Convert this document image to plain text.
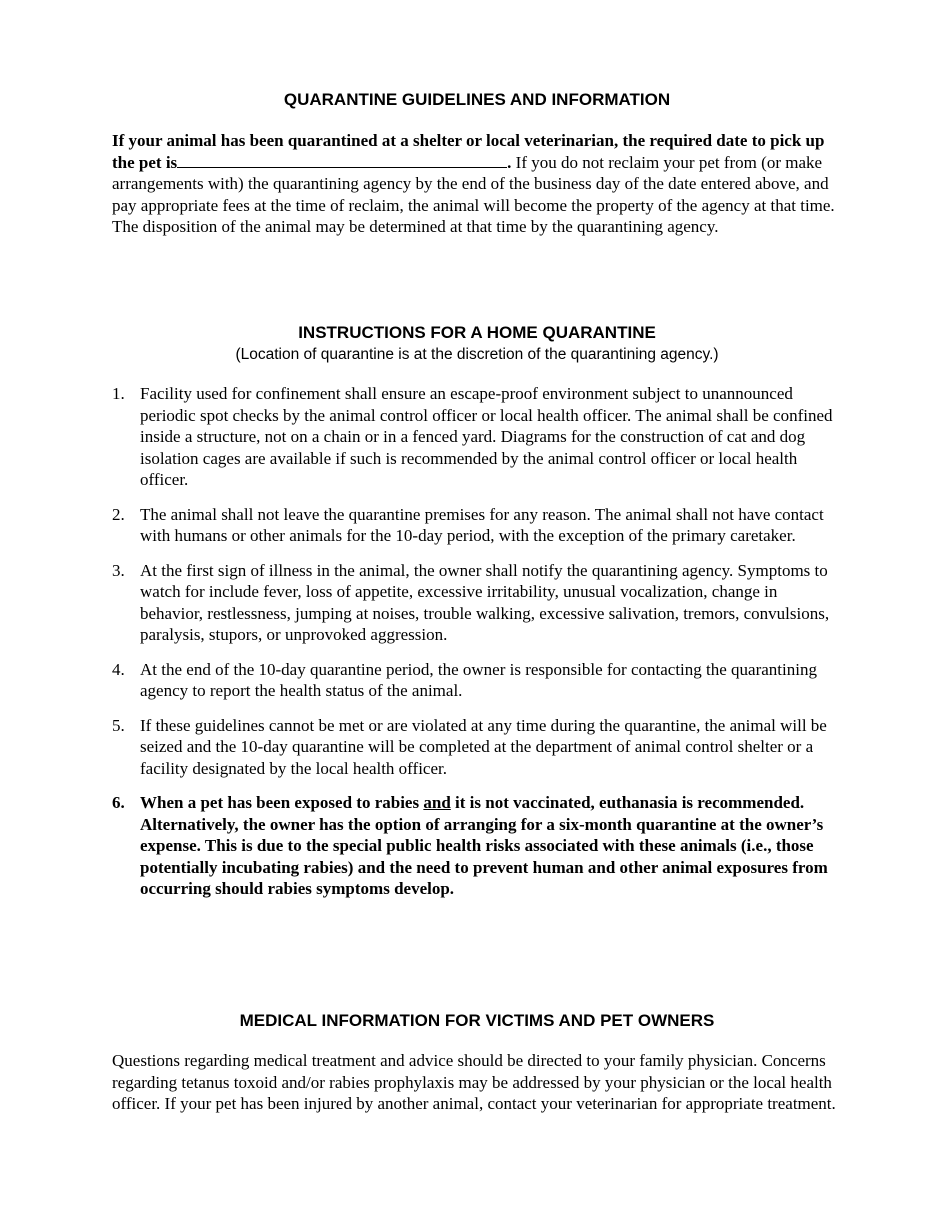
QUARANTINE GUIDELINES AND INFORMATION

If your animal has been quarantined at a shelter or local veterinarian, the required date to pick up the pet is	. If you do not reclaim your pet from (or make arrangements with) the quarantining agency by the end of the business day of the date entered above, and pay appropriate fees at the time of reclaim, the animal will become the property of the agency at that time. The disposition of the animal may be determined at that time by the quarantining agency.

INSTRUCTIONS FOR A HOME QUARANTINE

(Location of quarantine is at the discretion of the quarantining agency.)

1. Facility used for confinement shall ensure an escape-proof environment subject to unannounced periodic spot checks by the animal control officer or local health officer. The animal shall be confined inside a structure, not on a chain or in a fenced yard. Diagrams for the construction of cat and dog isolation cages are available if such is recommended by the animal control officer or local health officer.
2. The animal shall not leave the quarantine premises for any reason. The animal shall not have contact with humans or other animals for the 10-day period, with the exception of the primary caretaker.
3. At the first sign of illness in the animal, the owner shall notify the quarantining agency. Symptoms to watch for include fever, loss of appetite, excessive irritability, unusual vocalization, change in behavior, restlessness, jumping at noises, trouble walking, excessive salivation, tremors, convulsions, paralysis, stupors, or unprovoked aggression.
4. At the end of the 10-day quarantine period, the owner is responsible for contacting the quarantining agency to report the health status of the animal.
5. If these guidelines cannot be met or are violated at any time during the quarantine, the animal will be seized and the 10-day quarantine will be completed at the department of animal control shelter or a facility designated by the local health officer.
6. When a pet has been exposed to rabies and it is not vaccinated, euthanasia is recommended. Alternatively, the owner has the option of arranging for a six-month quarantine at the owner’s expense. This is due to the special public health risks associated with these animals (i.e., those potentially incubating rabies) and the need to prevent human and other animal exposures from occurring should rabies symptoms develop.
MEDICAL INFORMATION FOR VICTIMS AND PET OWNERS

Questions regarding medical treatment and advice should be directed to your family physician. Concerns regarding tetanus toxoid and/or rabies prophylaxis may be addressed by your physician or the local health officer. If your pet has been injured by another animal, contact your veterinarian for appropriate treatment.
